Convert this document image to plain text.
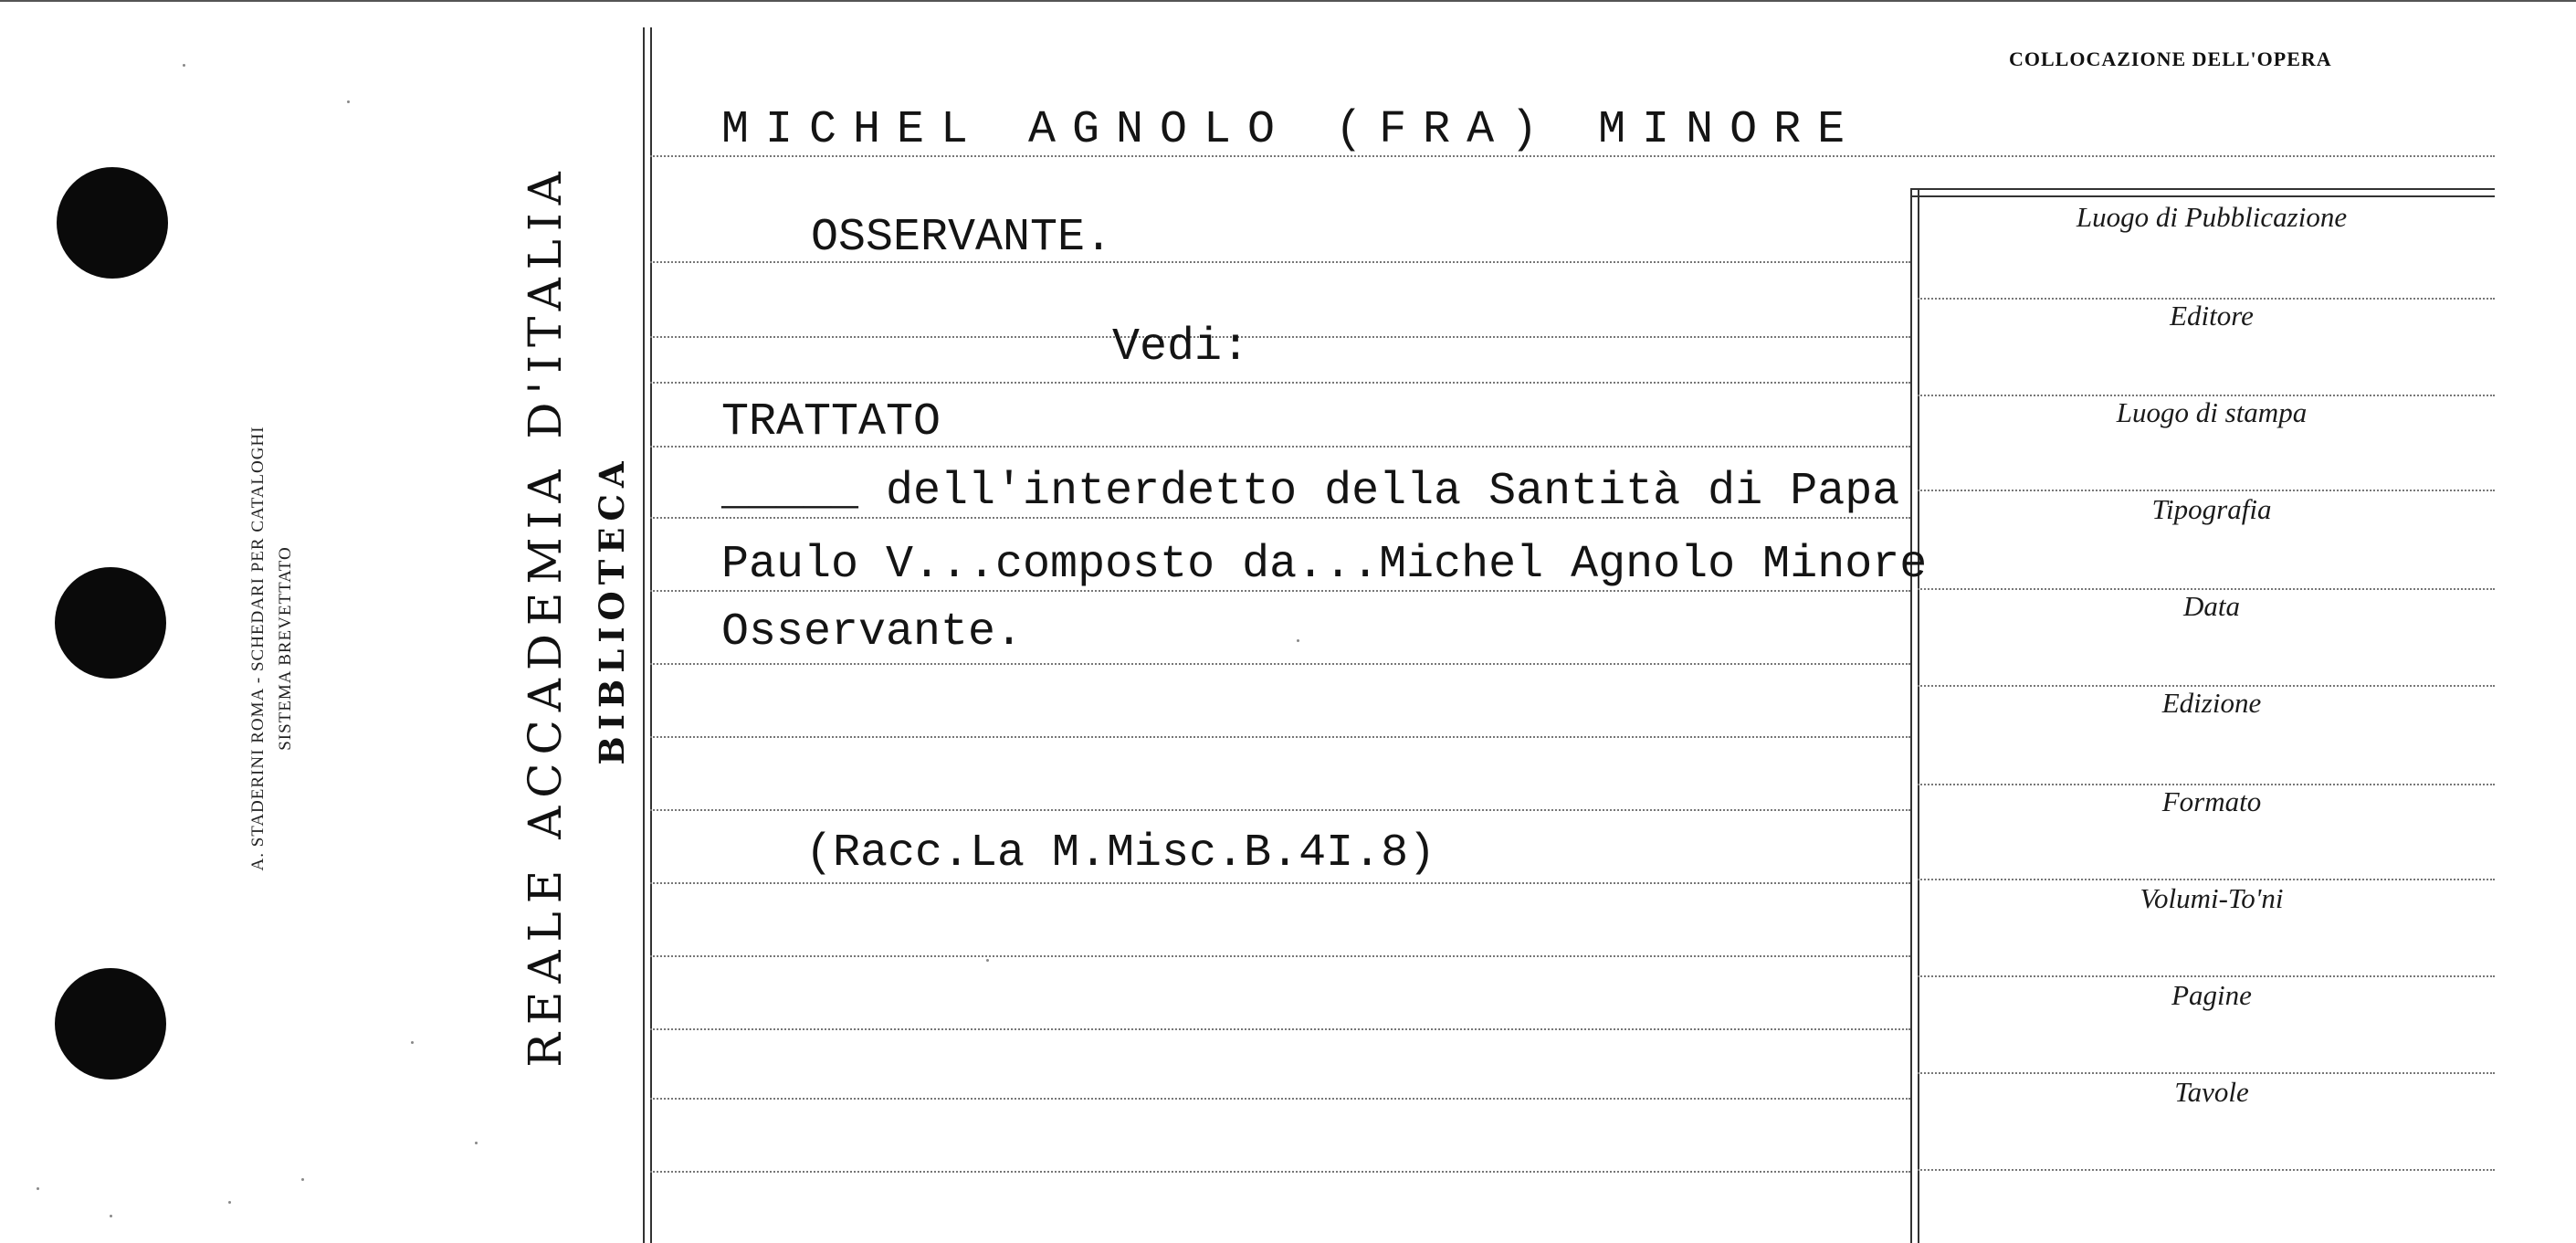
A. STADERINI ROMA - SCHEDARI PER CATALOGHI SISTEMA BREVETTATO	REALE ACCADEMIA D'ITALIA BIBLIOTECA
MICHEL AGNOLO (FRA) MINORE
OSSERVANTE.
Vedi:
TRATTATO
_____ dell'interdetto della Santità di Papa
Paulo V...composto da...Michel Agnolo Minore
Osservante.
(Racc.La M.Misc.B.4I.8)
COLLOCAZIONE DELL'OPERA
Luogo di Pubblicazione
Editore
Luogo di stampa
Tipografia
Data
Edizione
Formato
Volumi-To'ni
Pagine
Tavole
